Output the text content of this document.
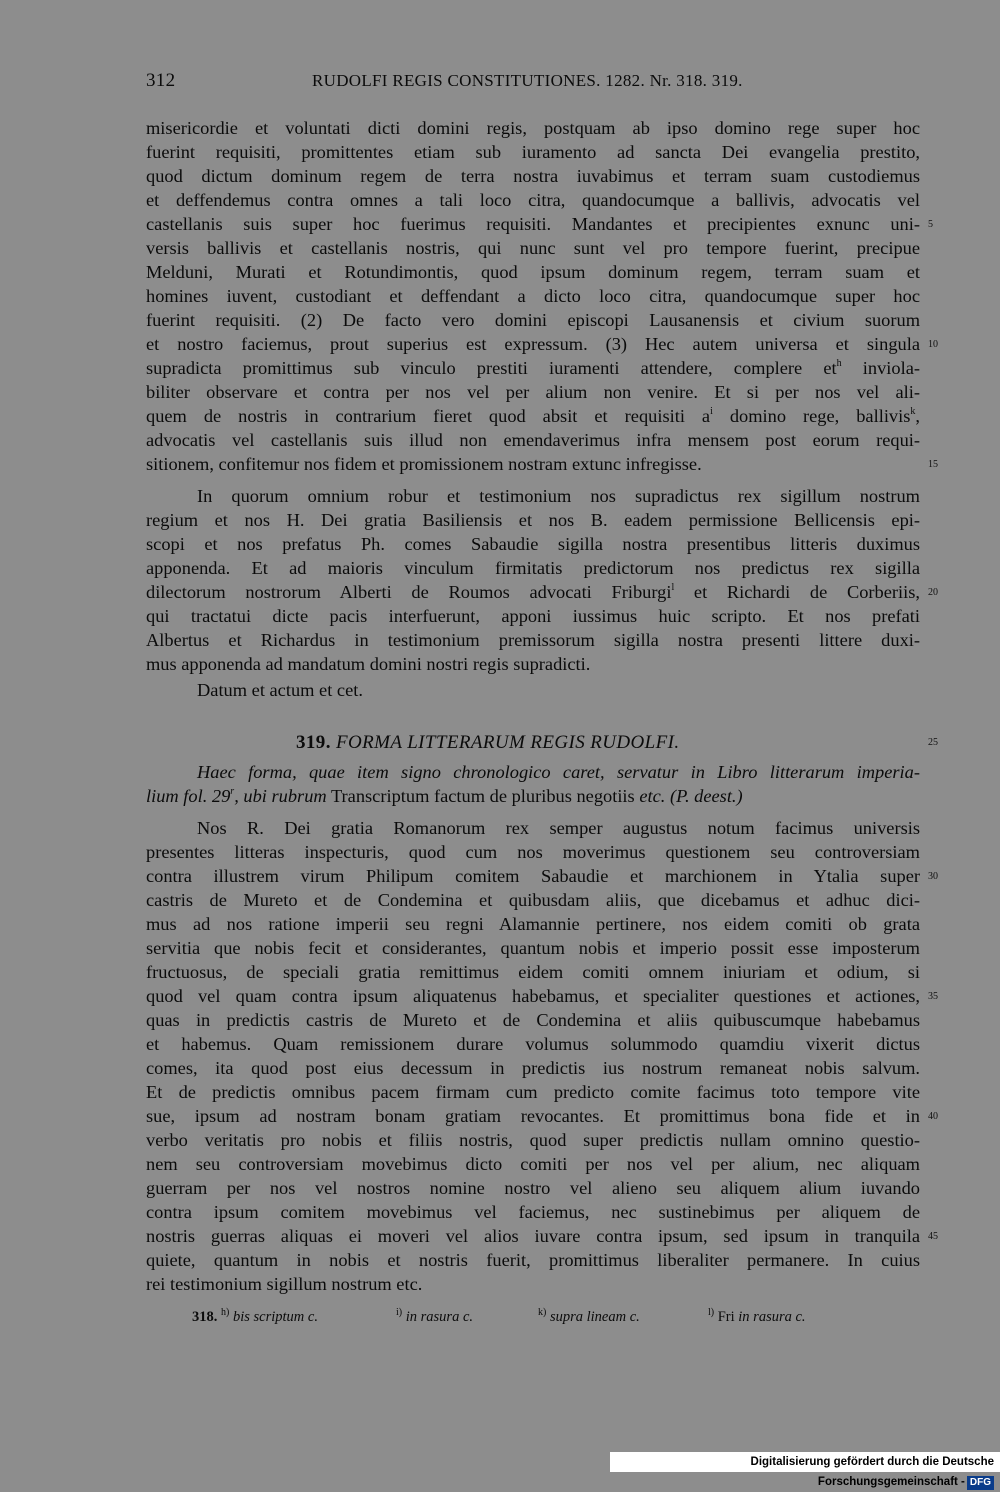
312	RUDOLFI REGIS CONSTITUTIONES. 1282. Nr. 318. 319.
misericordie et voluntati dicti domini regis, postquam ab ipso domino rege super hoc
fuerint requisiti, promittentes etiam sub iuramento ad sancta Dei evangelia prestito,
quod dictum dominum regem de terra nostra iuvabimus et terram suam custodiemus
et deffendemus contra omnes a tali loco citra, quandocumque a ballivis, advocatis vel
castellanis suis super hoc fuerimus requisiti. Mandantes et precipientes exnunc uni-
versis ballivis et castellanis nostris, qui nunc sunt vel pro tempore fuerint, precipue
Melduni, Murati et Rotundimontis, quod ipsum dominum regem, terram suam et
homines iuvent, custodiant et deffendant a dicto loco citra, quandocumque super hoc
fuerint requisiti. (2) De facto vero domini episcopi Lausanensis et civium suorum
et nostro faciemus, prout superius est expressum. (3) Hec autem universa et singula
supradicta promittimus sub vinculo prestiti iuramenti attendere, complere $et^h$ inviola-
biliter observare et contra per nos vel per alium non venire. Et si per nos vel ali-
quem de nostris in contrarium fieret quod absit et requisiti $a^i$ domino rege, ballivis$^k$,
advocatis vel castellanis suis illud non emendaverimus infra mensem post eorum requi-
sitionem, confitemur nos fidem et promissionem nostram extunc infregisse.
In quorum omnium robur et testimonium nos supradictus rex sigillum nostrum
regium et nos H. Dei gratia Basiliensis et nos B. eadem permissione Bellicensis epi-
scopi et nos prefatus Ph. comes Sabaudie sigilla nostra presentibus litteris duximus
apponenda. Et ad maioris vinculum firmitatis predictorum nos predictus rex sigilla
dilectorum nostrorum Alberti de Roumos advocati Friburgi$^l$ et Richardi de Corberiis,
qui tractatui dicte pacis interfuerunt, apponi iussimus huic scripto. Et nos prefati
Albertus et Richardus in testimonium premissorum sigilla nostra presenti littere duxi-
mus apponenda ad mandatum domini nostri regis supradicti.
Datum et actum et cet.
319. FORMA LITTERARUM REGIS RUDOLFI.
Haec forma, quae item signo chronologico caret, servatur in Libro litterarum imperia-
lium fol. 29$^r$, ubi rubrum Transcriptum factum de pluribus negotiis etc. (P. deest.)
Nos R. Dei gratia Romanorum rex semper augustus notum facimus universis
presentes litteras inspecturis, quod cum nos moverimus questionem seu controversiam
contra illustrem virum Philipum comitem Sabaudie et marchionem in Ytalia super
castris de Mureto et de Condemina et quibusdam aliis, que dicebamus et adhuc dici-
mus ad nos ratione imperii seu regni Alamannie pertinere, nos eidem comiti ob grata
servitia que nobis fecit et considerantes, quantum nobis et imperio possit esse imposterum
fructuosus, de speciali gratia remittimus eidem comiti omnem iniuriam et odium, si
quod vel quam contra ipsum aliquatenus habebamus, et specialiter questiones et actiones,
quas in predictis castris de Mureto et de Condemina et aliis quibuscumque habebamus
et habemus. Quam remissionem durare volumus solummodo quamdiu vixerit dictus
comes, ita quod post eius decessum in predictis ius nostrum remaneat nobis salvum.
Et de predictis omnibus pacem firmam cum predicto comite facimus toto tempore vite
sue, ipsum ad nostram bonam gratiam revocantes. Et promittimus bona fide et in
verbo veritatis pro nobis et filiis nostris, quod super predictis nullam omnino questio-
nem seu controversiam movebimus dicto comiti per nos vel per alium, nec aliquam
guerram per nos vel nostros nomine nostro vel alieno seu aliquem alium iuvando
contra ipsum comitem movebimus vel faciemus, nec sustinebimus per aliquem de
nostris guerras aliquas ei moveri vel alios iuvare contra ipsum, sed ipsum in tranquila
quiete, quantum in nobis et nostris fuerit, promittimus liberaliter permanere. In cuius
rei testimonium sigillum nostrum etc.
5
10
15
20
25
30
35
40
45
318. $^{h)}$ bis scriptum c.	$^{i)}$ in rasura c.	$^{k)}$ supra lineam c.	$^{l)}$ Fri in rasura c.
Digitalisierung gefördert durch die Deutsche Forschungsgemeinschaft - DFG
